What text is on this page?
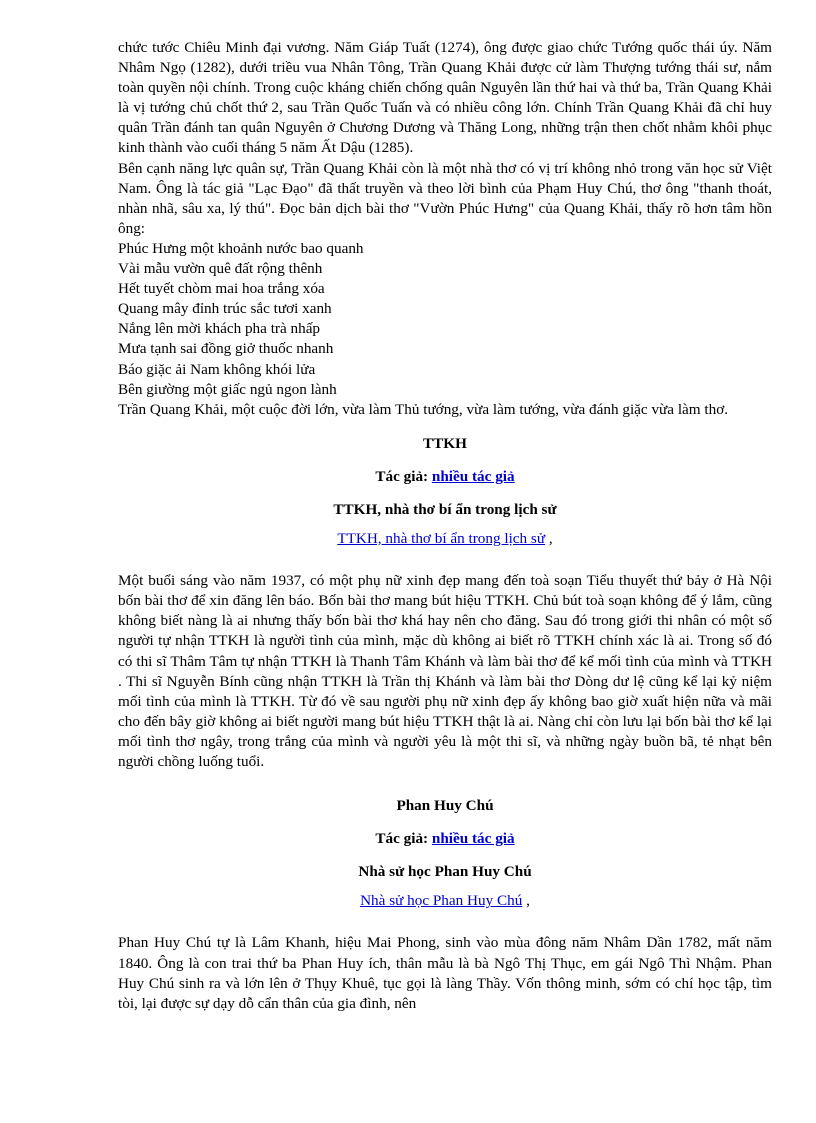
chức tước Chiêu Minh đại vương. Năm Giáp Tuất (1274), ông được giao chức Tướng quốc thái úy. Năm Nhâm Ngọ (1282), dưới triều vua Nhân Tông, Trần Quang Khải được cử làm Thượng tướng thái sư, nắm toàn quyền nội chính. Trong cuộc kháng chiến chống quân Nguyên lần thứ hai và thứ ba, Trần Quang Khải là vị tướng chủ chốt thứ 2, sau Trần Quốc Tuấn và có nhiều công lớn. Chính Trần Quang Khải đã chỉ huy quân Trần đánh tan quân Nguyên ở Chương Dương và Thăng Long, những trận then chốt nhằm khôi phục kinh thành vào cuối tháng 5 năm Ất Dậu (1285).

Bên cạnh năng lực quân sự, Trần Quang Khải còn là một nhà thơ có vị trí không nhỏ trong văn học sử Việt Nam. Ông là tác giả "Lạc Đạo" đã thất truyền và theo lời bình của Phạm Huy Chú, thơ ông "thanh thoát, nhàn nhã, sâu xa, lý thú". Đọc bản dịch bài thơ "Vườn Phúc Hưng" của Quang Khải, thấy rõ hơn tâm hồn ông:

Phúc Hưng một khoảnh nước bao quanh

Vài mẫu vườn quê đất rộng thênh

Hết tuyết chòm mai hoa trắng xóa

Quang mây đỉnh trúc sắc tươi xanh

Nắng lên mời khách pha trà nhấp

Mưa tạnh sai đồng giở thuốc nhanh

Báo giặc ải Nam không khói lửa

Bên giường một giấc ngủ ngon lành

Trần Quang Khải, một cuộc đời lớn, vừa làm Thủ tướng, vừa làm tướng, vừa đánh giặc vừa làm thơ.

TTKH

Tác giả: nhiều tác giả

TTKH, nhà thơ bí ẩn trong lịch sử

TTKH, nhà thơ bí ẩn trong lịch sử ,

Một buổi sáng vào năm 1937, có một phụ nữ xinh đẹp mang đến toà soạn Tiểu thuyết thứ bảy ở Hà Nội bốn bài thơ để xin đăng lên báo. Bốn bài thơ mang bút hiệu TTKH. Chủ bút toà soạn không để ý lắm, cũng không biết nàng là ai nhưng thấy bốn bài thơ khá hay nên cho đăng. Sau đó trong giới thi nhân có một số người tự nhận TTKH là người tình của mình, mặc dù không ai biết rõ TTKH chính xác là ai. Trong số đó có thi sĩ Thâm Tâm tự nhận TTKH là Thanh Tâm Khánh và làm bài thơ để kể mối tình của mình và TTKH . Thi sĩ Nguyễn Bính cũng nhận TTKH là Trần thị Khánh và làm bài thơ Dòng dư lệ cũng kể lại kỷ niệm mối tình của mình là TTKH. Từ đó về sau người phụ nữ xinh đẹp ấy không bao giờ xuất hiện nữa và mãi cho đến bây giờ không ai biết người mang bút hiệu TTKH thật là ai. Nàng chỉ còn lưu lại bốn bài thơ kể lại mối tình thơ ngây, trong trắng của mình và người yêu là một thi sĩ, và những ngày buồn bã, tẻ nhạt bên người chồng luống tuổi.

Phan Huy Chú

Tác giả: nhiều tác giả

Nhà sử học Phan Huy Chú

Nhà sử học Phan Huy Chú ,

Phan Huy Chú tự là Lâm Khanh, hiệu Mai Phong, sinh vào mùa đông năm Nhâm Dần 1782, mất năm 1840. Ông là con trai thứ ba Phan Huy ích, thân mẫu là bà Ngô Thị Thục, em gái Ngô Thì Nhậm. Phan Huy Chú sinh ra và lớn lên ở Thụy Khuê, tục gọi là làng Thầy. Vốn thông minh, sớm có chí học tập, tìm tòi, lại được sự dạy dỗ cẩn thân của gia đình, nên
